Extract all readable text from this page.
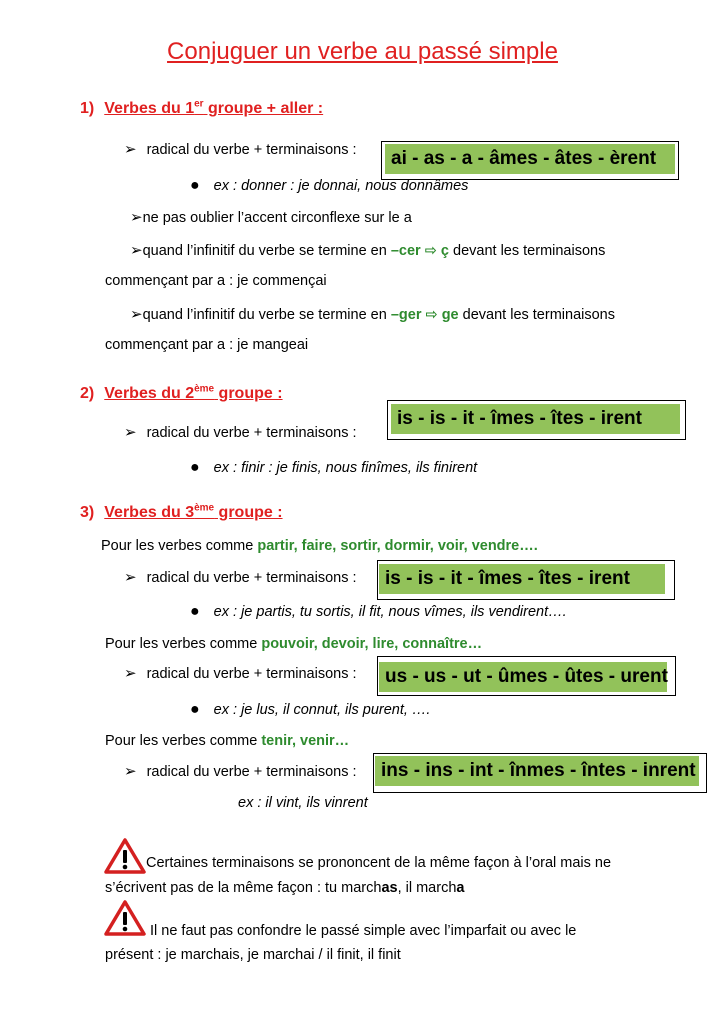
Conjuguer un verbe au passé simple
1) Verbes du 1er groupe + aller :
➢ radical du verbe + terminaisons :	ai - as - a - âmes - âtes - èrent
● ex : donner : je donnai, nous donnâmes
➢ne pas oublier l’accent circonflexe sur le a
➢quand l’infinitif du verbe se termine en –cer ⇨ ç devant les terminaisons
commençant par a : je commençai
➢quand l’infinitif du verbe se termine en –ger ⇨ ge devant les terminaisons
commençant par a : je mangeai
2) Verbes du 2ème groupe :
➢ radical du verbe + terminaisons :
is - is - it - îmes - îtes - irent
● ex : finir : je finis, nous finîmes, ils finirent
3) Verbes du 3ème groupe :
Pour les verbes comme partir, faire, sortir, dormir, voir, vendre….
➢ radical du verbe + terminaisons :	is - is - it - îmes - îtes - irent
● ex : je partis, tu sortis, il fit, nous vîmes, ils vendirent….
Pour les verbes comme pouvoir, devoir, lire, connaître…
➢ radical du verbe + terminaisons :	us - us - ut - ûmes - ûtes - urent
● ex : je lus, il connut, ils purent, ….
Pour les verbes comme tenir, venir…
➢ radical du verbe + terminaisons :	ins - ins - int - înmes - întes - inrent
ex : il vint, ils vinrent
Certaines terminaisons se prononcent de la même façon à l’oral mais ne
s’écrivent pas de la même façon : tu marchas, il marcha
Il ne faut pas confondre le passé simple avec l’imparfait ou avec le
présent : je marchais, je marchai / il finit, il finit
